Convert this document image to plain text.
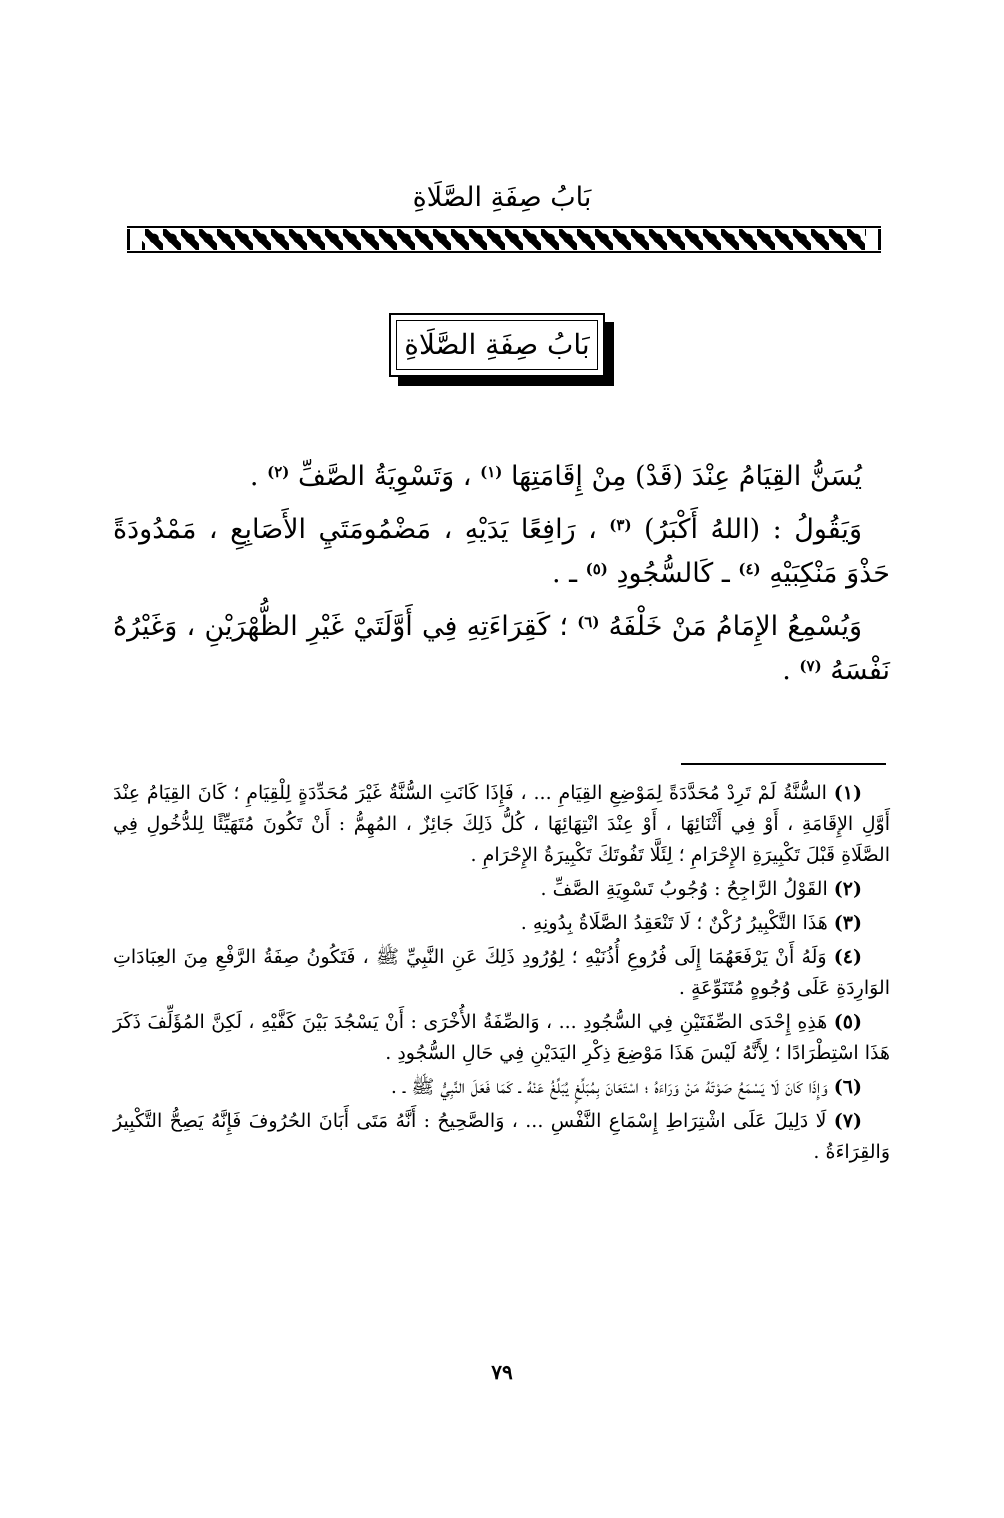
بَابُ صِفَةِ الصَّلَاةِ
بَابُ صِفَةِ الصَّلَاةِ

يُسَنُّ القِيَامُ عِنْدَ (قَدْ) مِنْ إِقَامَتِهَا $^{(١)}$ ، وَتَسْوِيَةُ الصَّفِّ $^{(٢)}$ .

وَيَقُولُ : (اللهُ أَكْبَرُ) $^{(٣)}$ ، رَافِعًا يَدَيْهِ ، مَضْمُومَتَيِ الأَصَابِعِ ، مَمْدُودَةً حَذْوَ مَنْكِبَيْهِ $^{(٤)}$ ـ كَالسُّجُودِ $^{(٥)}$ ـ .

وَيُسْمِعُ الإِمَامُ مَنْ خَلْفَهُ $^{(٦)}$ ؛ كَقِرَاءَتِهِ فِي أَوَّلَتَيْ غَيْرِ الظُّهْرَيْنِ ، وَغَيْرُهُ نَفْسَهُ $^{(٧)}$ .

(١) السُّنَّةُ لَمْ تَرِدْ مُحَدَّدَةً لِمَوْضِعِ القِيَامِ ... ، فَإِذَا كَانَتِ السُّنَّةُ غَيْرَ مُحَدِّدَةٍ لِلْقِيَامِ ؛ كَانَ القِيَامُ عِنْدَ أَوَّلِ الإِقَامَةِ ، أَوْ فِي أَثْنَائِهَا ، أَوْ عِنْدَ انْتِهَائِهَا ، كُلُّ ذَلِكَ جَائِزٌ ، المُهِمُّ : أَنْ تَكُونَ مُتَهَيِّئًا لِلدُّخُولِ فِي الصَّلَاةِ قَبْلَ تَكْبِيرَةِ الإِحْرَامِ ؛ لِئَلَّا تَفُوتَكَ تَكْبِيرَةُ الإِحْرَامِ .

(٢) القَوْلُ الرَّاجِحُ : وُجُوبُ تَسْوِيَةِ الصَّفِّ .

(٣) هَذَا التَّكْبِيرُ رُكْنٌ ؛ لَا تَنْعَقِدُ الصَّلَاةُ بِدُونِهِ .

(٤) وَلَهُ أَنْ يَرْفَعَهُمَا إِلَى فُرُوعِ أُذُنَيْهِ ؛ لِوُرُودِ ذَلِكَ عَنِ النَّبِيِّ ﷺ ، فَتَكُونُ صِفَةُ الرَّفْعِ مِنَ العِبَادَاتِ الوَارِدَةِ عَلَى وُجُوهٍ مُتَنَوِّعَةٍ .

(٥) هَذِهِ إِحْدَى الصِّفَتَيْنِ فِي السُّجُودِ ... ، وَالصِّفَةُ الأُخْرَى : أَنْ يَسْجُدَ بَيْنَ كَفَّيْهِ ، لَكِنَّ المُؤَلِّفَ ذَكَرَ هَذَا اسْتِطْرَادًا ؛ لِأَنَّهُ لَيْسَ هَذَا مَوْضِعَ ذِكْرِ اليَدَيْنِ فِي حَالِ السُّجُودِ .

(٦) وَإِذَا كَانَ لَا يَسْمَعُ صَوْتَهُ مَنْ وَرَاءَهُ ؛ اسْتَعَانَ بِمُبَلِّغٍ يُبَلِّغُ عَنْهُ ـ كَمَا فَعَلَ النَّبِيُّ ﷺ ـ .

(٧) لَا دَلِيلَ عَلَى اشْتِرَاطِ إِسْمَاعِ النَّفْسِ ... ، وَالصَّحِيحُ : أَنَّهُ مَتَى أَبَانَ الحُرُوفَ فَإِنَّهُ يَصِحُّ التَّكْبِيرُ وَالقِرَاءَةُ .

٧٩
